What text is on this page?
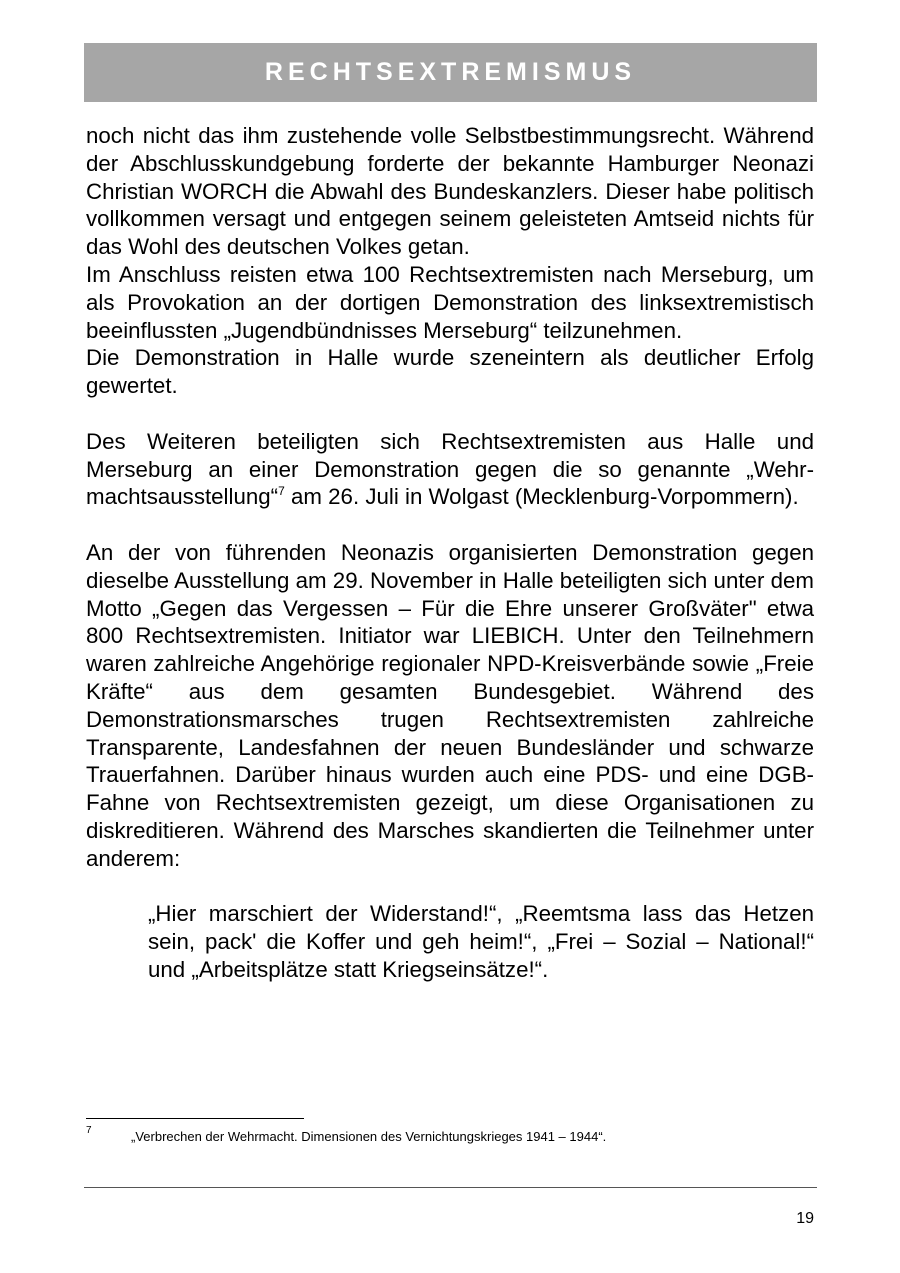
RECHTSEXTREMISMUS

noch nicht das ihm zustehende volle Selbstbestimmungsrecht. Während der Abschlusskundgebung forderte der bekannte Hamburger Neonazi Christian WORCH die Abwahl des Bundeskanzlers. Dieser habe politisch vollkommen versagt und entgegen seinem geleisteten Amtseid nichts für das Wohl des deutschen Volkes getan.

Im Anschluss reisten etwa 100 Rechtsextremisten nach Merseburg, um als Provokation an der dortigen Demonstration des linksextremistisch beeinflussten „Jugendbündnisses Merseburg“ teilzunehmen.

Die Demonstration in Halle wurde szeneintern als deutlicher Erfolg gewertet.

Des Weiteren beteiligten sich Rechtsextremisten aus Halle und Merseburg an einer Demonstration gegen die so genannte „Wehrmachtsausstellung“$^7$ am 26. Juli in Wolgast (Mecklenburg-Vorpommern).

An der von führenden Neonazis organisierten Demonstration gegen dieselbe Ausstellung am 29. November in Halle beteiligten sich unter dem Motto „Gegen das Vergessen – Für die Ehre unserer Großväter" etwa 800 Rechtsextremisten. Initiator war LIEBICH. Unter den Teilnehmern waren zahlreiche Angehörige regionaler NPD-Kreisverbände sowie „Freie Kräfte“ aus dem gesamten Bundesgebiet. Während des Demonstrationsmarsches trugen Rechtsextremisten zahlreiche Transparente, Landesfahnen der neuen Bundesländer und schwarze Trauerfahnen. Darüber hinaus wurden auch eine PDS- und eine DGB-Fahne von Rechtsextremisten gezeigt, um diese Organisationen zu diskreditieren. Während des Marsches skandierten die Teilnehmer unter anderem:

„Hier marschiert der Widerstand!“, „Reemtsma lass das Hetzen sein, pack' die Koffer und geh heim!“, „Frei – Sozial – National!“ und „Arbeitsplätze statt Kriegseinsätze!“.

7	„Verbrechen der Wehrmacht. Dimensionen des Vernichtungskrieges 1941 – 1944“.
19
